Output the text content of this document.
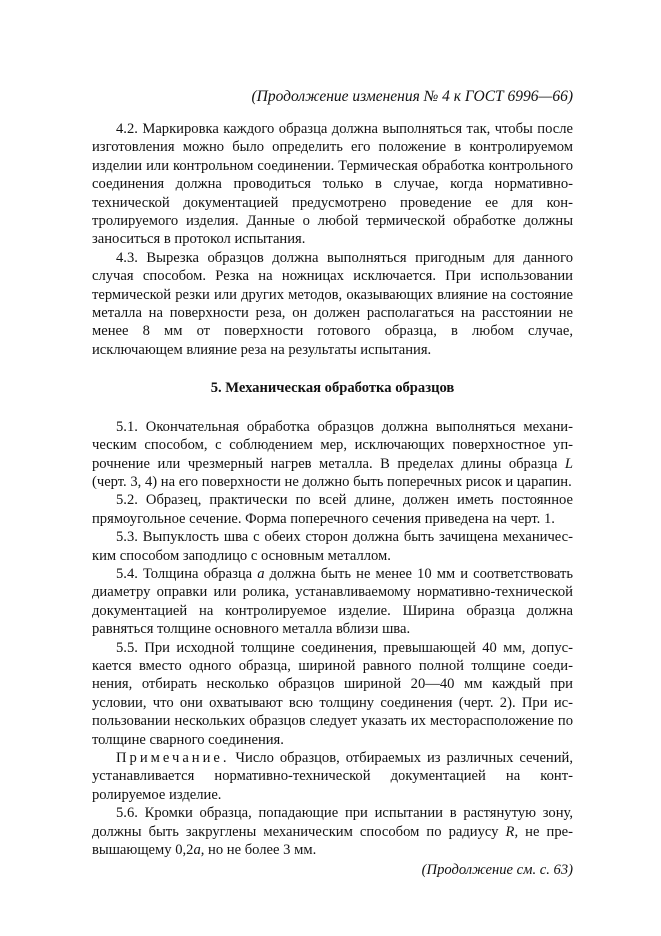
(Продолжение изменения № 4 к ГОСТ 6996—66)

4.2. Маркировка каждого образца должна выполняться так, чтобы после изготовления можно было определить его положение в контролируемом изделии или контрольном соединении. Термическая обработка контрольного соединения должна проводиться только в случае, когда нормативно-технической документацией предусмотрено проведение ее для контролируемого изделия. Данные о любой термической обработке должны заноситься в протокол испытания.

4.3. Вырезка образцов должна выполняться пригодным для данного случая способом. Резка на ножницах исключается. При использовании термической резки или других методов, оказывающих влияние на состояние металла на поверхности реза, он должен располагаться на расстоянии не менее 8 мм от поверхности готового образца, в любом случае, исключающем влияние реза на результаты испытания.

5. Механическая обработка образцов

5.1. Окончательная обработка образцов должна выполняться механическим способом, с соблюдением мер, исключающих поверхностное упрочнение или чрезмерный нагрев металла. В пределах длины образца L (черт. 3, 4) на его поверхности не должно быть поперечных рисок и царапин.

5.2. Образец, практически по всей длине, должен иметь постоянное прямоугольное сечение. Форма поперечного сечения приведена на черт. 1.

5.3. Выпуклость шва с обеих сторон должна быть зачищена механическим способом заподлицо с основным металлом.

5.4. Толщина образца a должна быть не менее 10 мм и соответствовать диаметру оправки или ролика, устанавливаемому нормативно-технической документацией на контролируемое изделие. Ширина образца должна равняться толщине основного металла вблизи шва.

5.5. При исходной толщине соединения, превышающей 40 мм, допускается вместо одного образца, шириной равного полной толщине соединения, отбирать несколько образцов шириной 20—40 мм каждый при условии, что они охватывают всю толщину соединения (черт. 2). При использовании нескольких образцов следует указать их месторасположение по толщине сварного соединения.

Примечание. Число образцов, отбираемых из различных сечений, устанавливается нормативно-технической документацией на контролируемое изделие.

5.6. Кромки образца, попадающие при испытании в растянутую зону, должны быть закруглены механическим способом по радиусу R, не превышающему 0,2a, но не более 3 мм.

(Продолжение см. с. 63)
